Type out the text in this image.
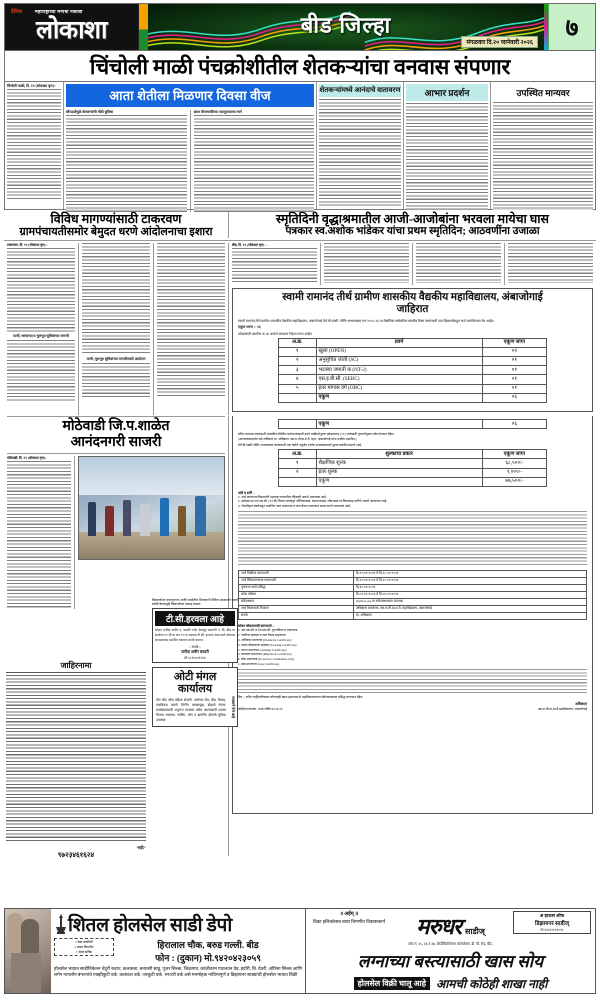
दैनिक	महाराष्ट्राच्या मनाचा नकाशा
लोकाशा	बीड जिल्हा
मंगळवार दि.२० जानेवारी २०२६
७
चिंचोली माळी पंचक्रोशीतील शेतकऱ्यांचा वनवास संपणार
चिंचोली माळी, दि. १९ (लोकाशा वृत्त):-
आता शेतीला मिळणार दिवसा वीज
सौरऊर्जेमुळे शेतकऱ्यांची मोठी सुविधा	आता वीजमाफीच्या पाठपुराव्याचा मार्ग
शेतकऱ्यांमध्ये आनंदाचे वातावरण	आभार प्रदर्शन	उपस्थित मान्यवर
विविध मागण्यांसाठी टाकरवण
ग्रामपंचायतीसमोर बेमुदत धरणे आंदोलनाचा इशारा
स्मृतिदिनी वृद्धाश्रमातील आजी-आजोबांना भरवला मायेचा घास
पत्रकार स्व.अशोक भांडेकर यांचा प्रथम स्मृतिदिन; आठवणींना उजाळा
टाकरवण, दि. १९ (लोकाशा वृत्त):-
पाणी, रस्त्याच्या व मूलभूत सुविधांच्या मागणी
पाणी, मूलभूत सुविधांच्या मागणीसाठी आंदोलन
बीड, दि. १९ (लोकाशा वृत्त) :-
स्वामी रामानंद तीर्थ ग्रामीण शासकीय वैद्यकीय महाविद्यालय, अंबाजोगाई
जाहिरात
स्वामी रामानंद तीर्थ ग्रामीण शासकीय वैद्यकीय महाविद्यालय, अंबाजोगाई येथे बी.एस्सी. नर्सिंग अभ्यासक्रम सन २०२५-२६ या शैक्षणिक वर्षाकरिता खालील रिक्त जागांसाठी पात्र विद्यार्थ्यांकडून अर्ज मागविण्यात येत आहेत.
एकूण जागा :- ०६
प्रवेशासाठी खालील अ. क्र. प्रमाणे आरक्षण निहाय जागा आहेत.
अ.क्र.	प्रवर्ग	एकूण जागा
१	खुला (OPEN)	०२
२	अनुसूचित जाती (SC)	०१
३	भटक्या जमाती क (NT-2)	०१
४	एस.इ.बी.सी. (SEBC)	०१
५	इतर मागास वर्ग (OBC)	०१
	एकूण	०६
मोठेवाडी जि.प.शाळेत
आनंदनगरी साजरी
मोठेवाडी, दि. १९ (लोकाशा वृत्त):-
	एकूण	०६
वरील उपलब्ध जागांसाठी शासकीय सेवेतील कर्मचाऱ्यांसाठी प्रवर्ग राखीवतेनुसार उमेदवारांना (०१) जागेसाठी गुणवत्तेनुसार प्रवेश देण्यात येईल.
(आरक्षणासंदर्भात सर्व अधिकार मा. अधिष्ठाता, स्वा.रा.ती.ग्रा.श.वै. महा., अंबाजोगाई यांना राखीव असतील.)
येथे बि.एस्सी.नर्सिंग अभ्यासक्रम करावयाची एक वर्षाचे अनुज्ञेय शालेय अभ्यासक्रमाचे शुल्क खालील प्रमाणे आहे.
अ.क्र.	शुल्काचा प्रकार	एकूण जागा
१	शैक्षणिक शुल्क	६८,५००/-
२	इतर शुल्क	९,०००/-
	एकूण	७७,५००/-
अटी व शर्ती :-
१. अर्ज करणाऱ्या विद्यार्थ्यांने महाराष्ट्र राज्यातील रहिवासी असणे आवश्यक आहे.
२. उमेदवार हा एच.एस.सी. (१२ वी) विज्ञान शाखेतून भौतिकशास्त्र, रसायनशास्त्र, जीवशास्त्र या विषयांसह उत्तीर्ण असणे आवश्यक आहे.
३. नोंदणीकृत संस्थेकडून प्रमाणित जात प्रमाणपत्र व जात वैधता प्रमाणपत्र सादर करणे आवश्यक आहे.
अर्ज विक्रीचा कालावधी	दि.२०/०१/२०२६ ते दि.२८/०१/२०२६
अर्ज स्विकारण्याचा कालावधी	दि.२०/०१/२०२६ ते दि.२८/०१/२०२६
गुणवत्ता यादी प्रसिद्ध	दि.३०/०१/२०२६
प्रवेश प्रक्रिया	दि.०२/०२/२०२६ ते दि.०६/०२/२०२६
संकेतस्थळ	srtrmca.org या संकेतस्थळावर उपलब्ध
अर्ज मिळण्याचे ठिकाण	अधिष्ठाता कार्यालय, स्वा.रा.ती.ग्रा.श.वै. महाविद्यालय, अंबाजोगाई
संपर्क	मा. अधिष्ठाता
सोबत जोडावयाची कागदपत्रे :-
१. एस.एस.सी. व एच.एस.सी. गुणपत्रिका व प्रमाणपत्र
२. जातीचा दाखला व जात वैधता प्रमाणपत्र
३. अधिवास प्रमाणपत्र (Domicile Certificate)
४. शाळा सोडल्याचा दाखला (Leaving Certificate)
५. प्रयत्न प्रमाणपत्र (Attempt Certificate)
६. स्थलांतर प्रमाणपत्र (Migration Certificate)
७. सेवा प्रमाणपत्र (In-service Candidates only)
८. खंड प्रमाणपत्र (Gap Certificate)
टिप :- वरील जाहिरातीबाबत कोणताही बदल झाल्यास तो महाविद्यालयाच्या संकेतस्थळावर प्रसिद्ध करण्यात येईल.
जाहिरात क्रमांक : प्रशा/नर्सिंग/२०२६/१६
अधिष्ठाता
स्वा.रा.ती.ग्रा.शा.वै.महाविद्यालय, अंबाजोगाई
विद्यार्थ्यांच्या कलागुणांना आणि शाळेतील शिक्षकांनी विविध उपक्रमाचे पदार्थ खरेदी केल्यामुळे विद्यार्थ्यांच्या उत्साह वाढला
टी.सी.हरवला आहे
सोबत फरीदा शमीर ए. कादरी यांचे, बेलापूर खाजगी न. वि. बीड या शाळेचा १० वी चा सन २००४ सालचा टी.सी. हरवला असल्याने कोणास सापडल्यास खालील नंबरवर संपर्क करावा.
-: संपर्क :-
फरीदा शमीर कादरी
मो.९८९०४९९१२४
ओटी मंगल
कार्यालय
स्टेट बँक ऑफ इंडिया शेजारी, नालेगाव रोड, बीड. विवाह, वाढदिवस, बारसे, मिटींग, साखरपुडा, डोहाळे जेवण, कार्यक्रमासाठी अनुरूप व्यवस्था तसेच आरामदायी प्रशस्त निवास व्यवस्था, पार्किंग, लॉन व डायनिंग हॉलची सुविधा उपलब्ध.
भाड्याने देणे आहे
जाहिरनामा
-सही/-
९७२३४६१६२४
शितल होलसेल साडी डेपो
० बेस्ट क्वालिटी
० स्वस्त किंमतीत
० सेल्स सर्विस
हिरालाल चौक, बरुड गल्ली. बीड
फोन : (दुकान) मो.९४२०४२३०५९
होलसेल भावात साडीनिकेतन चेंदुरी कटाट, कलकत्ता, बनारसी साडू, पूजर सिल्क, जिळगाव, कांजीवरम पाटलवन वेड, इंदोरी, बि. देवरी, ओरिसा सिल्क आणि लगेन नायलॉन बंगल्यांचे एक्झीकुटी वर्क, कलावल वर्क, जरकुटी वर्क, भरजरी वर्क असे मनमोहक नाविन्यपूर्ण व डिझायनर साड्यांची होलसेल भावात विक्री
॥ अर्हम् ॥
विक्रा हलिकोत्सव बाबा चिमणीत विकासकार्य	मरुधर साडीज्
अ हाऊस ऑफ
डिझायनर साडीज्
मो.९४२२२२२१०९१
शॉप नं. ३५, ३६ व ३७, शिर्डीसिटीसेन्टर कॉम्प्लेक्स, डी. पी. रोड, बीड.
लग्नाच्या बस्त्यासाठी खास सोय
होलसेल विक्री चालू आहे आमची कोठेही शाखा नाही
